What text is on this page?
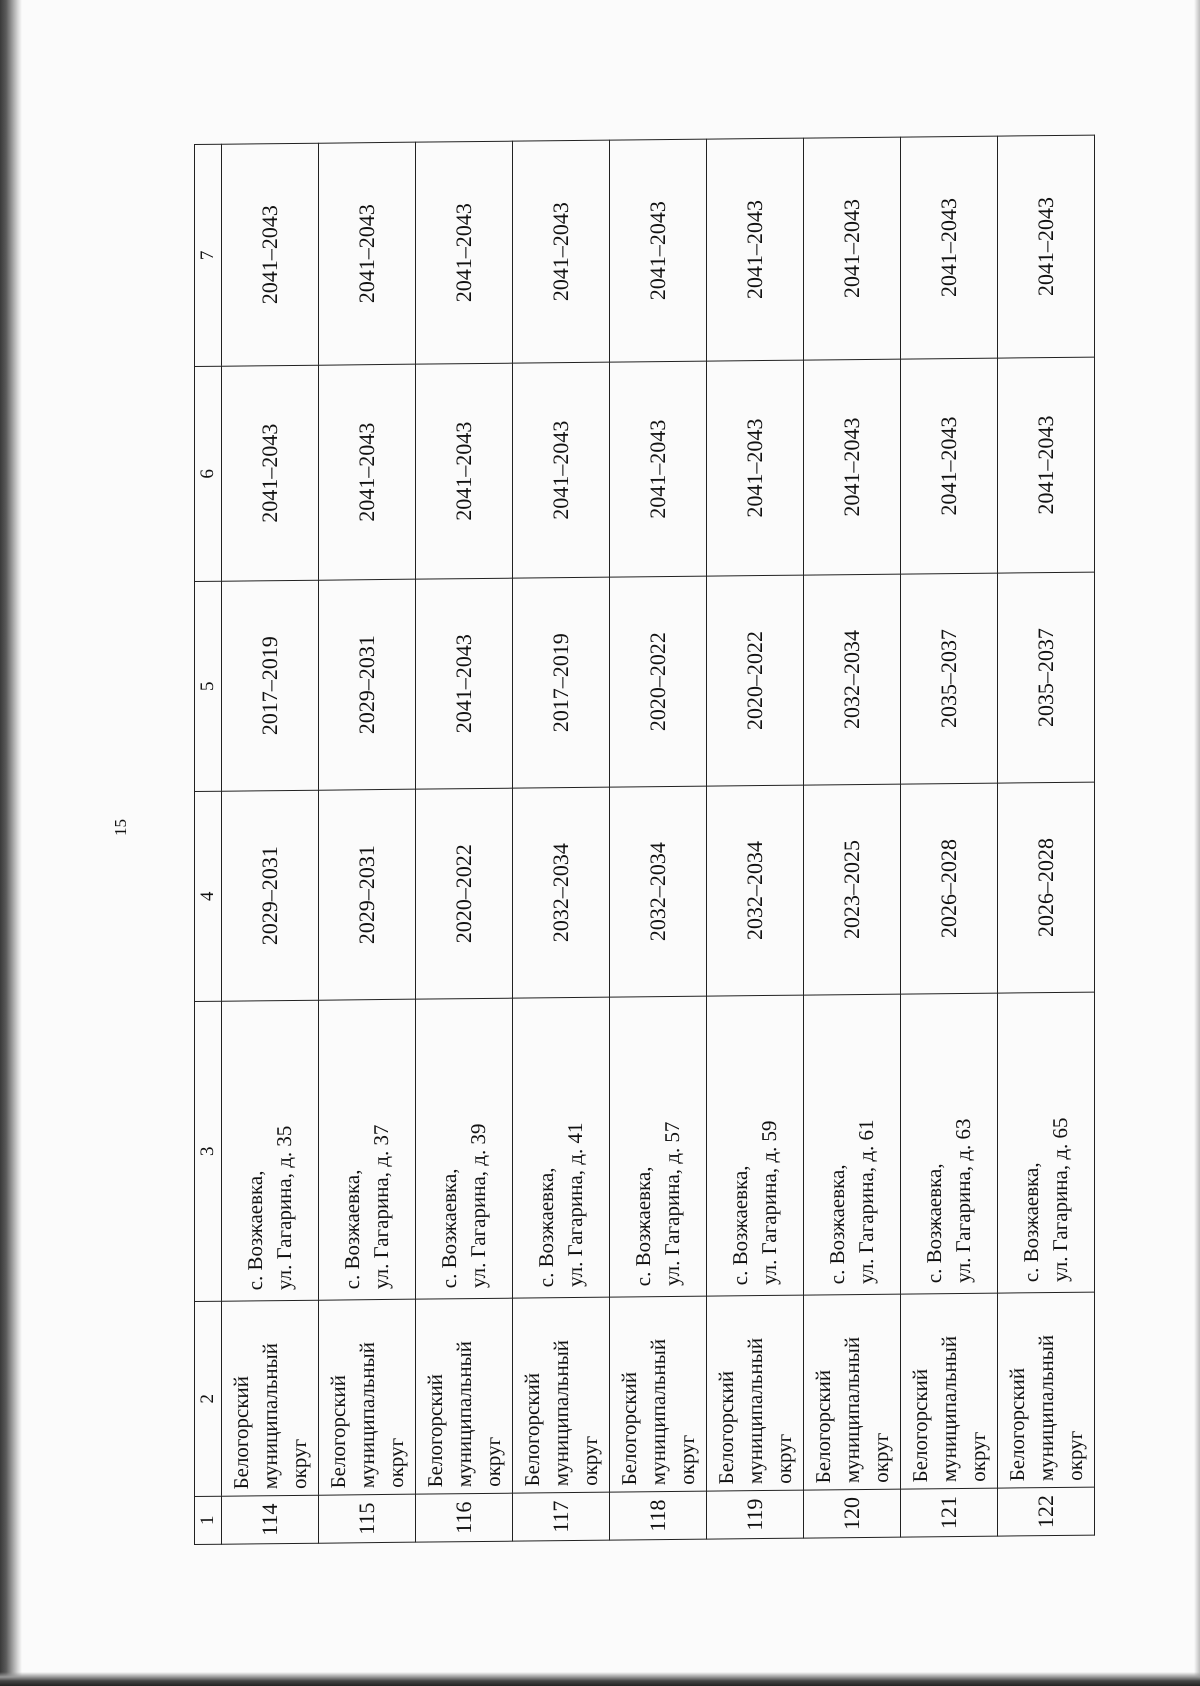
15
1	2	3	4	5	6	7
114	Белогорский муниципальный округ	с. Возжаевка, ул. Гагарина, д. 35	2029–2031	2017–2019	2041–2043	2041–2043
115	Белогорский муниципальный округ	с. Возжаевка, ул. Гагарина, д. 37	2029–2031	2029–2031	2041–2043	2041–2043
116	Белогорский муниципальный округ	с. Возжаевка, ул. Гагарина, д. 39	2020–2022	2041–2043	2041–2043	2041–2043
117	Белогорский муниципальный округ	с. Возжаевка, ул. Гагарина, д. 41	2032–2034	2017–2019	2041–2043	2041–2043
118	Белогорский муниципальный округ	с. Возжаевка, ул. Гагарина, д. 57	2032–2034	2020–2022	2041–2043	2041–2043
119	Белогорский муниципальный округ	с. Возжаевка, ул. Гагарина, д. 59	2032–2034	2020–2022	2041–2043	2041–2043
120	Белогорский муниципальный округ	с. Возжаевка, ул. Гагарина, д. 61	2023–2025	2032–2034	2041–2043	2041–2043
121	Белогорский муниципальный округ	с. Возжаевка, ул. Гагарина, д. 63	2026–2028	2035–2037	2041–2043	2041–2043
122	Белогорский муниципальный округ	с. Возжаевка, ул. Гагарина, д. 65	2026–2028	2035–2037	2041–2043	2041–2043
